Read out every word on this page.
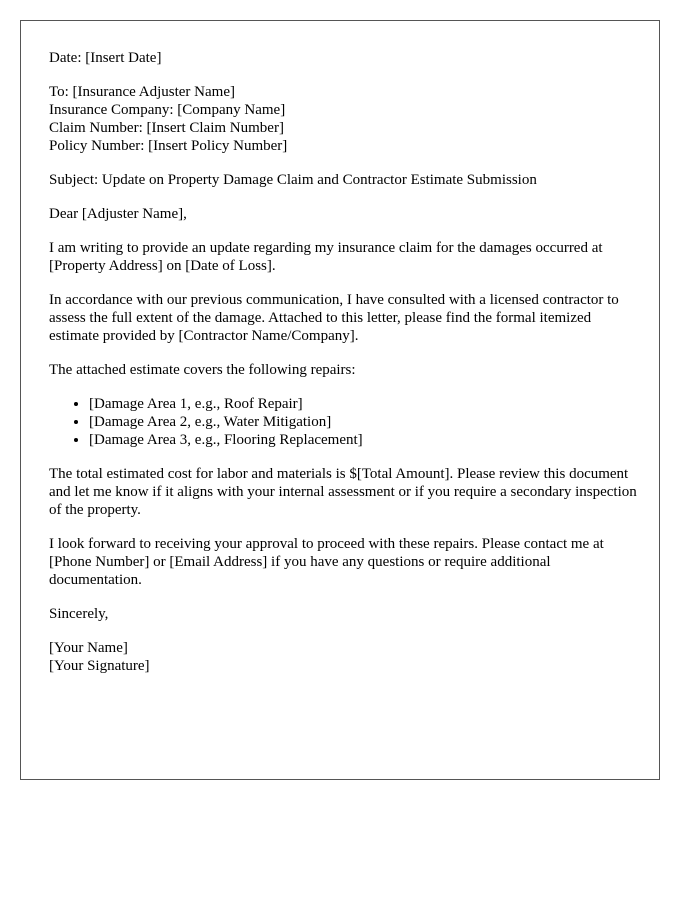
Date: [Insert Date]

To: [Insurance Adjuster Name]
Insurance Company: [Company Name]
Claim Number: [Insert Claim Number]
Policy Number: [Insert Policy Number]

Subject: Update on Property Damage Claim and Contractor Estimate Submission

Dear [Adjuster Name],

I am writing to provide an update regarding my insurance claim for the damages occurred at [Property Address] on [Date of Loss].

In accordance with our previous communication, I have consulted with a licensed contractor to assess the full extent of the damage. Attached to this letter, please find the formal itemized estimate provided by [Contractor Name/Company].

The attached estimate covers the following repairs:

• [Damage Area 1, e.g., Roof Repair]
• [Damage Area 2, e.g., Water Mitigation]
• [Damage Area 3, e.g., Flooring Replacement]

The total estimated cost for labor and materials is $[Total Amount]. Please review this document and let me know if it aligns with your internal assessment or if you require a secondary inspection of the property.

I look forward to receiving your approval to proceed with these repairs. Please contact me at [Phone Number] or [Email Address] if you have any questions or require additional documentation.

Sincerely,

[Your Name]
[Your Signature]
